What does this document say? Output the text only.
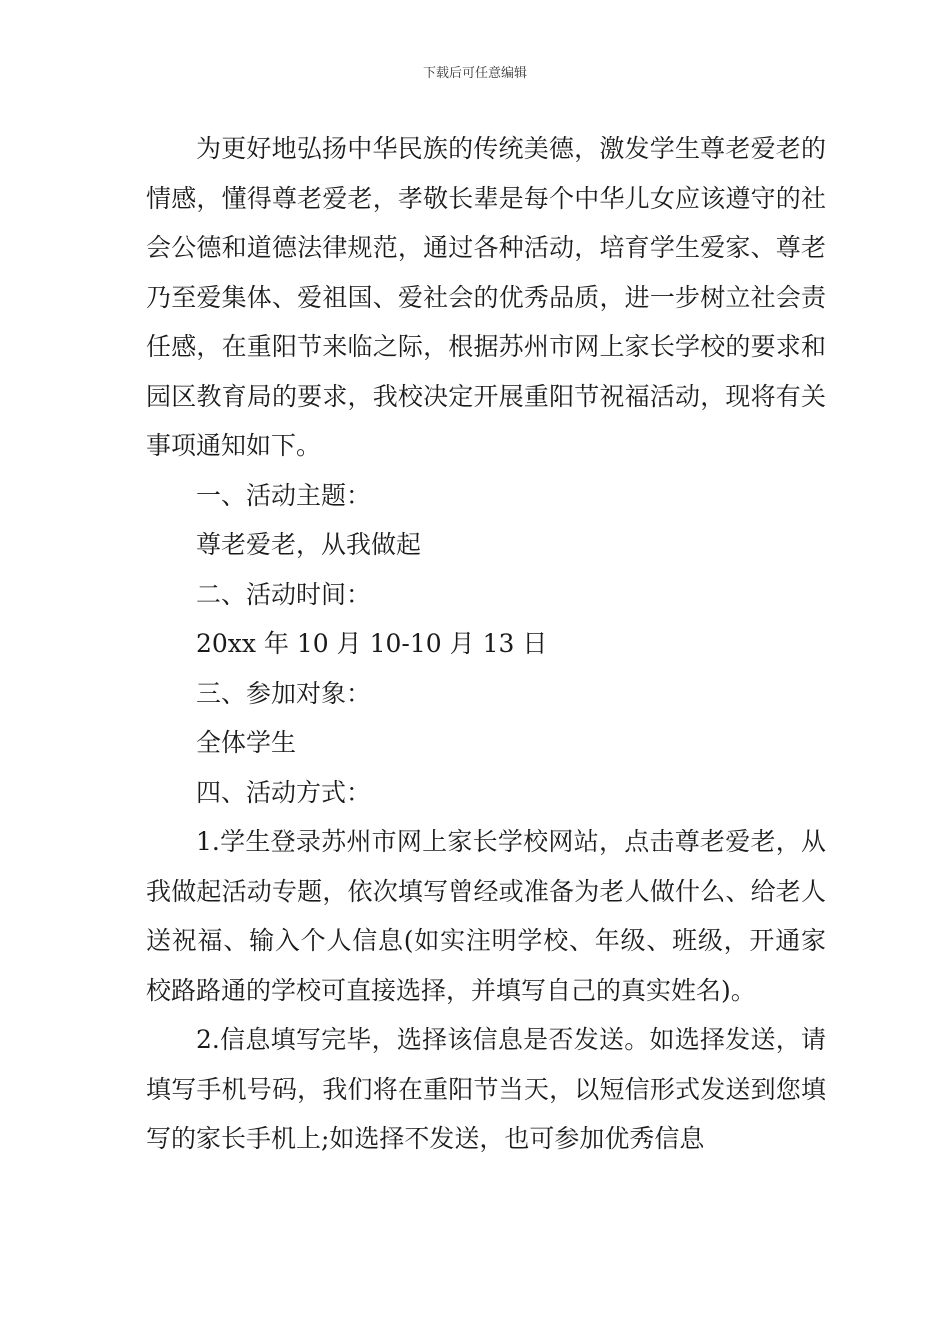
下载后可任意编辑

为更好地弘扬中华民族的传统美德，激发学生尊老爱老的情感，懂得尊老爱老，孝敬长辈是每个中华儿女应该遵守的社会公德和道德法律规范，通过各种活动，培育学生爱家、尊老乃至爱集体、爱祖国、爱社会的优秀品质，进一步树立社会责任感，在重阳节来临之际，根据苏州市网上家长学校的要求和园区教育局的要求，我校决定开展重阳节祝福活动，现将有关事项通知如下。

一、活动主题：

尊老爱老，从我做起

二、活动时间：

20xx 年 10 月 10-10 月 13 日

三、参加对象：

全体学生

四、活动方式：

1.学生登录苏州市网上家长学校网站，点击尊老爱老，从我做起活动专题，依次填写曾经或准备为老人做什么、给老人送祝福、输入个人信息(如实注明学校、年级、班级，开通家校路路通的学校可直接选择，并填写自己的真实姓名)。

2.信息填写完毕，选择该信息是否发送。如选择发送，请填写手机号码，我们将在重阳节当天，以短信形式发送到您填写的家长手机上;如选择不发送，也可参加优秀信息
